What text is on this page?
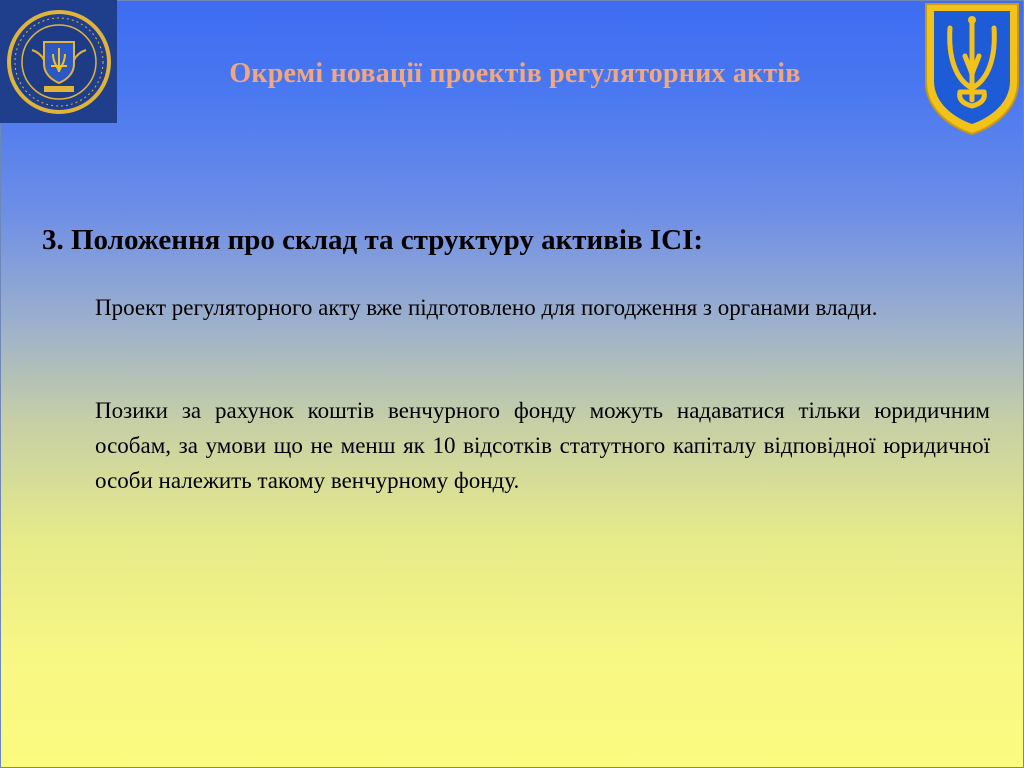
Окремі новації проектів регуляторних актів
3. Положення про склад та структуру активів ІСІ:
Проект регуляторного акту вже підготовлено для погодження з органами влади.
Позики за рахунок коштів венчурного фонду можуть надаватися тільки юридичним особам, за умови що не менш як 10 відсотків статутного капіталу відповідної юридичної особи належить такому венчурному фонду.
